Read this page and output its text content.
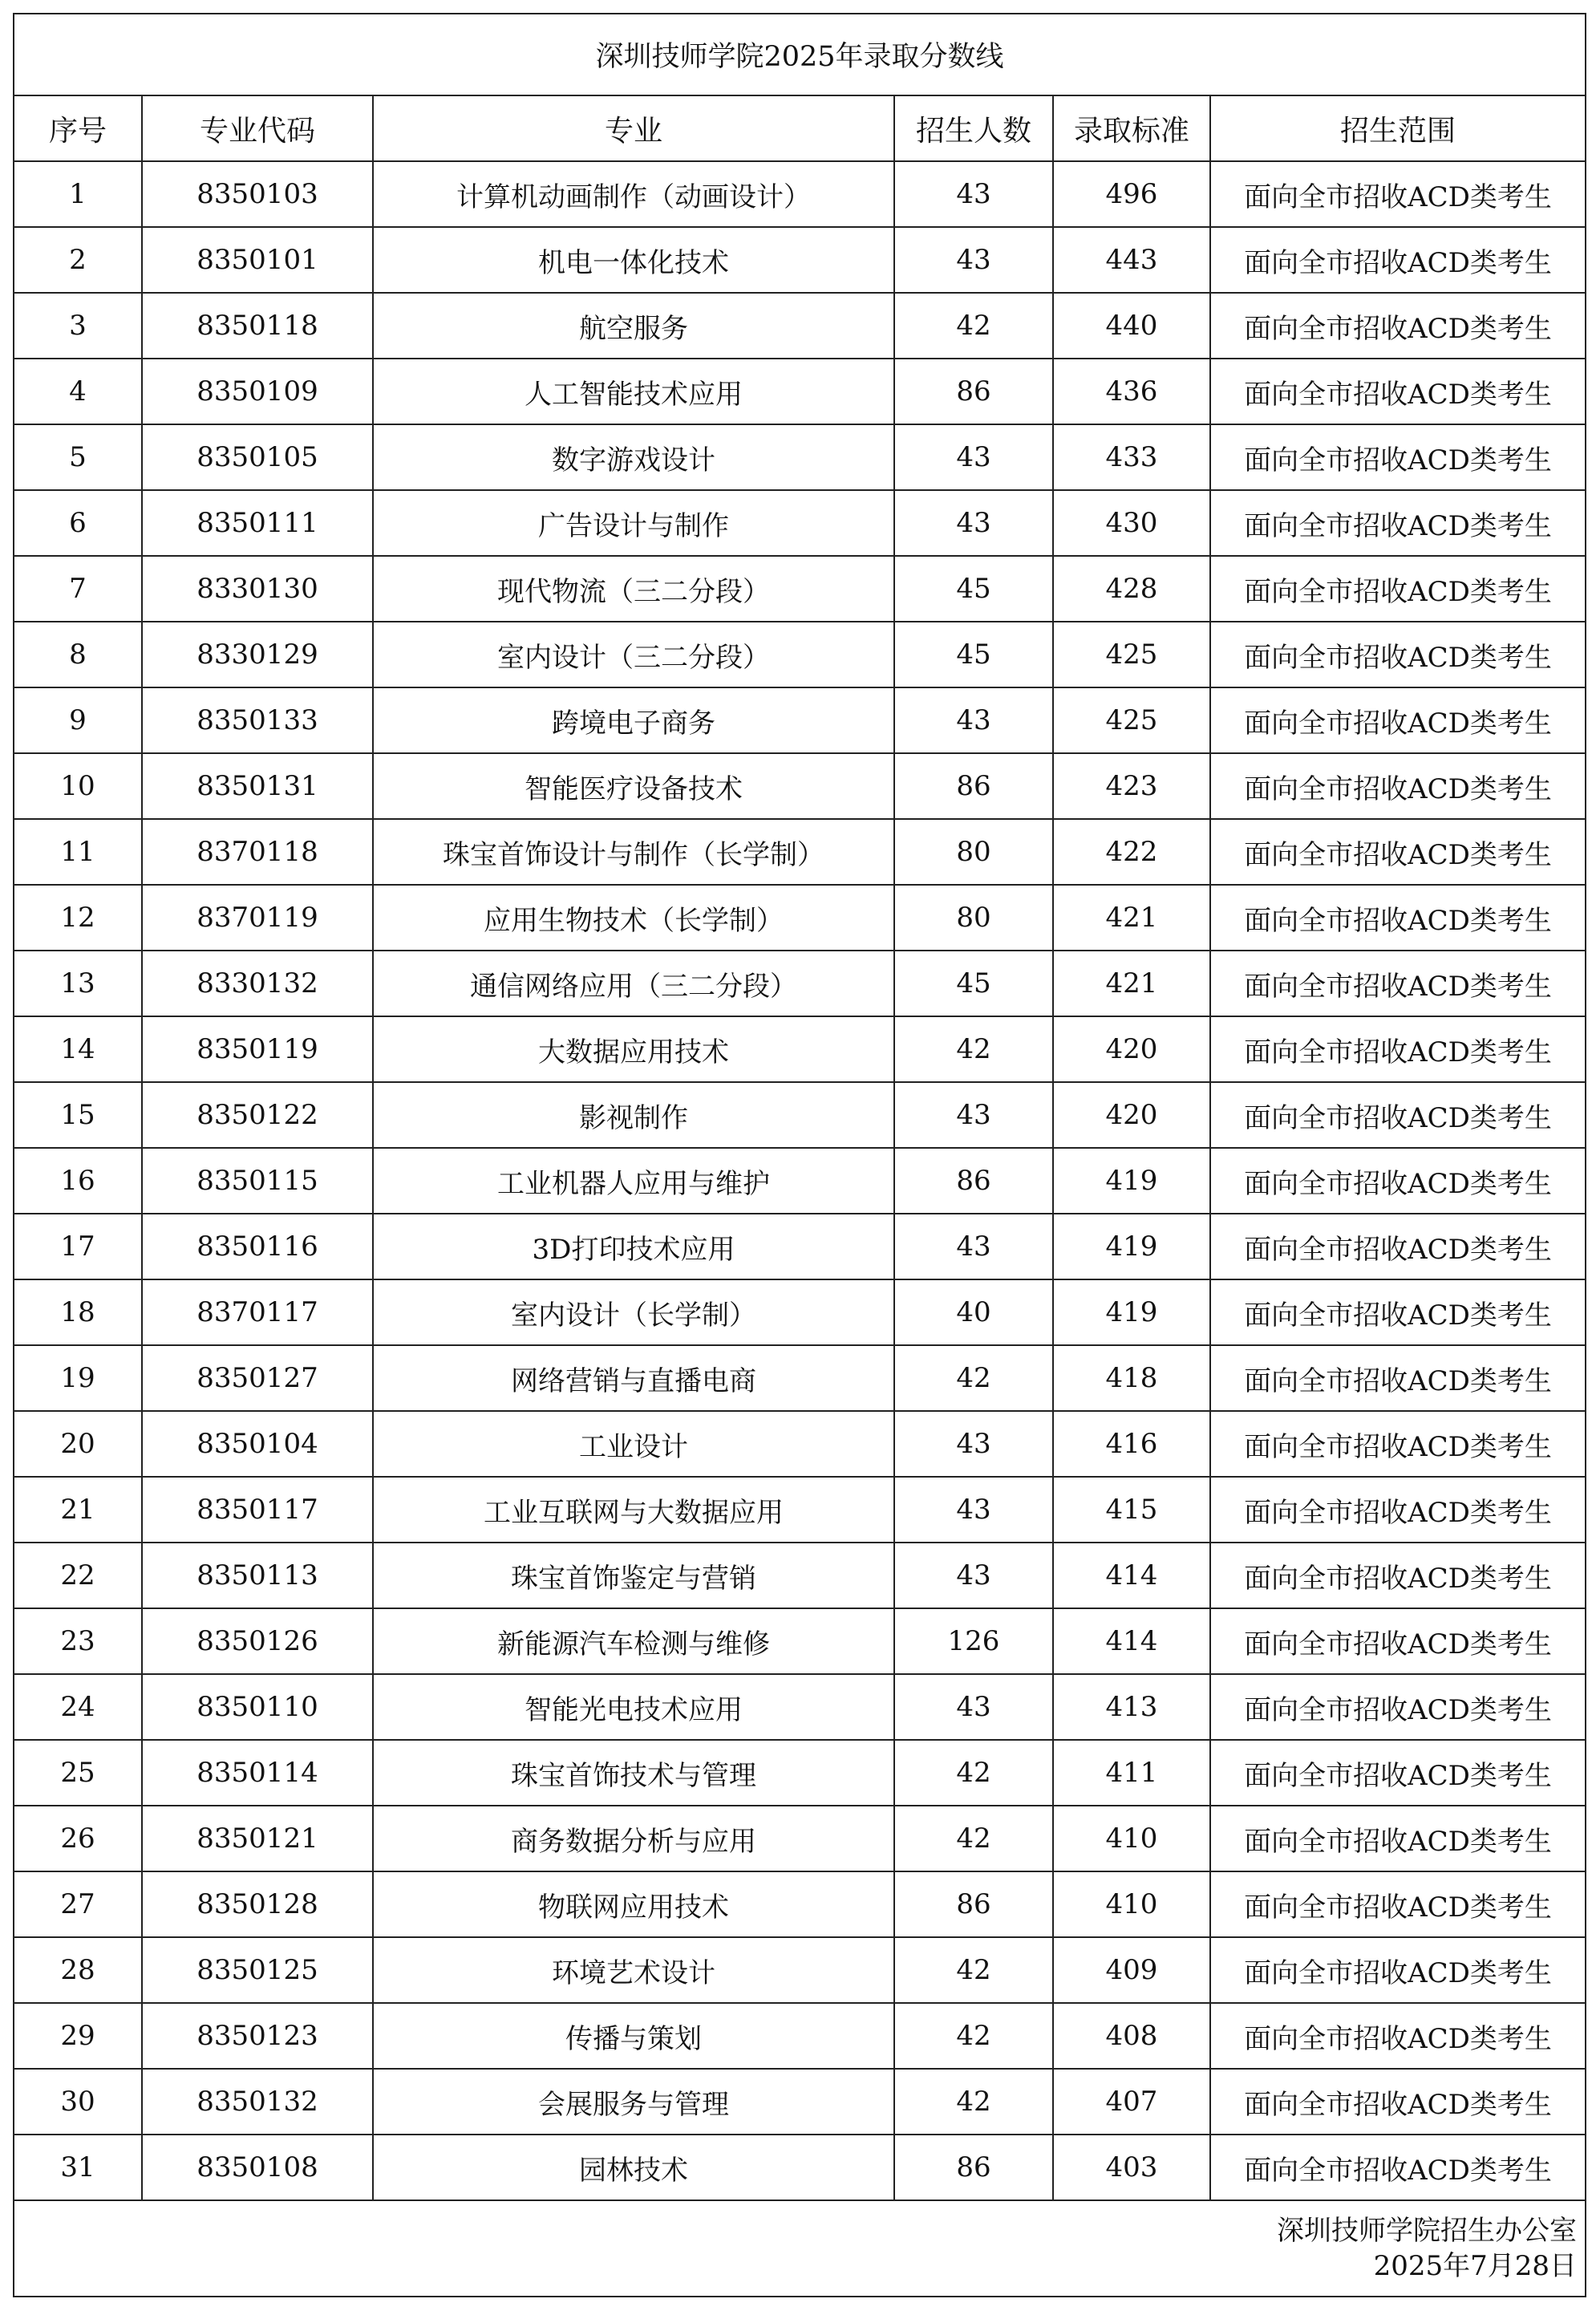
深圳技师学院2025年录取分数线					
序号	专业代码	专业	招生人数	录取标准	招生范围
1	8350103	计算机动画制作（动画设计）	43	496	面向全市招收ACD类考生
2	8350101	机电一体化技术	43	443	面向全市招收ACD类考生
3	8350118	航空服务	42	440	面向全市招收ACD类考生
4	8350109	人工智能技术应用	86	436	面向全市招收ACD类考生
5	8350105	数字游戏设计	43	433	面向全市招收ACD类考生
6	8350111	广告设计与制作	43	430	面向全市招收ACD类考生
7	8330130	现代物流（三二分段）	45	428	面向全市招收ACD类考生
8	8330129	室内设计（三二分段）	45	425	面向全市招收ACD类考生
9	8350133	跨境电子商务	43	425	面向全市招收ACD类考生
10	8350131	智能医疗设备技术	86	423	面向全市招收ACD类考生
11	8370118	珠宝首饰设计与制作（长学制）	80	422	面向全市招收ACD类考生
12	8370119	应用生物技术（长学制）	80	421	面向全市招收ACD类考生
13	8330132	通信网络应用（三二分段）	45	421	面向全市招收ACD类考生
14	8350119	大数据应用技术	42	420	面向全市招收ACD类考生
15	8350122	影视制作	43	420	面向全市招收ACD类考生
16	8350115	工业机器人应用与维护	86	419	面向全市招收ACD类考生
17	8350116	3D打印技术应用	43	419	面向全市招收ACD类考生
18	8370117	室内设计（长学制）	40	419	面向全市招收ACD类考生
19	8350127	网络营销与直播电商	42	418	面向全市招收ACD类考生
20	8350104	工业设计	43	416	面向全市招收ACD类考生
21	8350117	工业互联网与大数据应用	43	415	面向全市招收ACD类考生
22	8350113	珠宝首饰鉴定与营销	43	414	面向全市招收ACD类考生
23	8350126	新能源汽车检测与维修	126	414	面向全市招收ACD类考生
24	8350110	智能光电技术应用	43	413	面向全市招收ACD类考生
25	8350114	珠宝首饰技术与管理	42	411	面向全市招收ACD类考生
26	8350121	商务数据分析与应用	42	410	面向全市招收ACD类考生
27	8350128	物联网应用技术	86	410	面向全市招收ACD类考生
28	8350125	环境艺术设计	42	409	面向全市招收ACD类考生
29	8350123	传播与策划	42	408	面向全市招收ACD类考生
30	8350132	会展服务与管理	42	407	面向全市招收ACD类考生
31	8350108	园林技术	86	403	面向全市招收ACD类考生

深圳技师学院招生办公室
2025年7月28日					
